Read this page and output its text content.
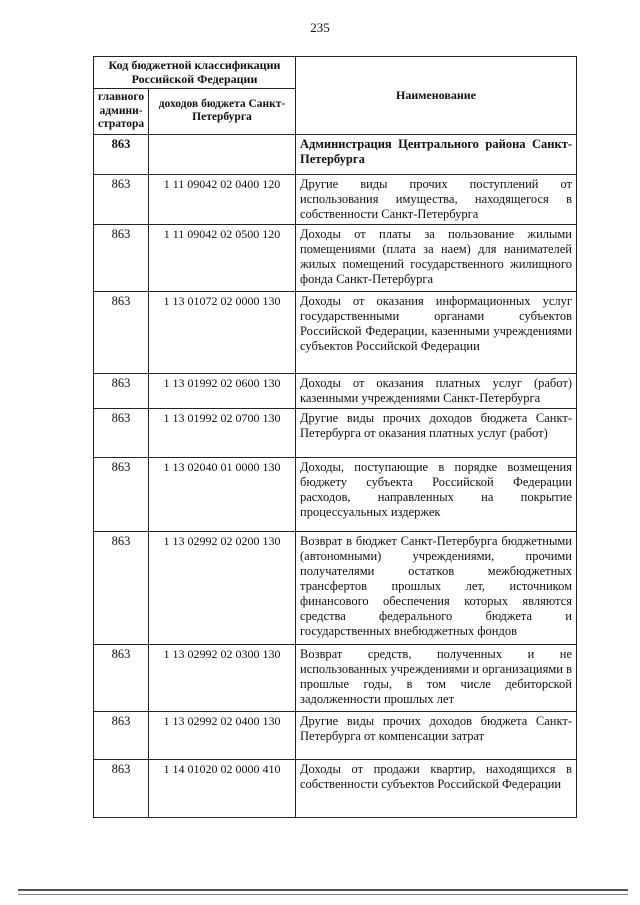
235
Код бюджетной классификации Российской Федерации		Наименование
главного админи-стратора	доходов бюджета Санкт-Петербурга	
863		Администрация Центрального района Санкт-Петербурга
863	1 11 09042 02 0400 120	Другие виды прочих поступлений от использования имущества, находящегося в собственности Санкт-Петербурга
863	1 11 09042 02 0500 120	Доходы от платы за пользование жилыми помещениями (плата за наем) для нанимателей жилых помещений государственного жилищного фонда Санкт-Петербурга
863	1 13 01072 02 0000 130	Доходы от оказания информационных услуг государственными органами субъектов Российской Федерации, казенными учреждениями субъектов Российской Федерации
863	1 13 01992 02 0600 130	Доходы от оказания платных услуг (работ) казенными учреждениями Санкт-Петербурга
863	1 13 01992 02 0700 130	Другие виды прочих доходов бюджета Санкт-Петербурга от оказания платных услуг (работ)
863	1 13 02040 01 0000 130	Доходы, поступающие в порядке возмещения бюджету субъекта Российской Федерации расходов, направленных на покрытие процессуальных издержек
863	1 13 02992 02 0200 130	Возврат в бюджет Санкт-Петербурга бюджетными (автономными) учреждениями, прочими получателями остатков межбюджетных трансфертов прошлых лет, источником финансового обеспечения которых являются средства федерального бюджета и государственных внебюджетных фондов
863	1 13 02992 02 0300 130	Возврат средств, полученных и не использованных учреждениями и организациями в прошлые годы, в том числе дебиторской задолженности прошлых лет
863	1 13 02992 02 0400 130	Другие виды прочих доходов бюджета Санкт-Петербурга от компенсации затрат
863	1 14 01020 02 0000 410	Доходы от продажи квартир, находящихся в собственности субъектов Российской Федерации
